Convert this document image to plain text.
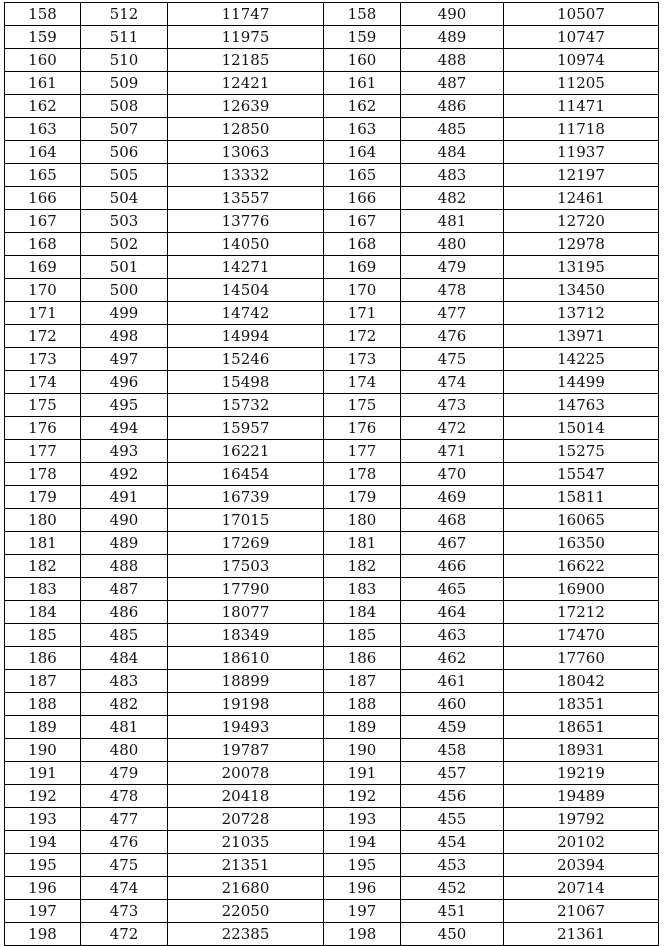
158	512	11747	158	490	10507
159	511	11975	159	489	10747
160	510	12185	160	488	10974
161	509	12421	161	487	11205
162	508	12639	162	486	11471
163	507	12850	163	485	11718
164	506	13063	164	484	11937
165	505	13332	165	483	12197
166	504	13557	166	482	12461
167	503	13776	167	481	12720
168	502	14050	168	480	12978
169	501	14271	169	479	13195
170	500	14504	170	478	13450
171	499	14742	171	477	13712
172	498	14994	172	476	13971
173	497	15246	173	475	14225
174	496	15498	174	474	14499
175	495	15732	175	473	14763
176	494	15957	176	472	15014
177	493	16221	177	471	15275
178	492	16454	178	470	15547
179	491	16739	179	469	15811
180	490	17015	180	468	16065
181	489	17269	181	467	16350
182	488	17503	182	466	16622
183	487	17790	183	465	16900
184	486	18077	184	464	17212
185	485	18349	185	463	17470
186	484	18610	186	462	17760
187	483	18899	187	461	18042
188	482	19198	188	460	18351
189	481	19493	189	459	18651
190	480	19787	190	458	18931
191	479	20078	191	457	19219
192	478	20418	192	456	19489
193	477	20728	193	455	19792
194	476	21035	194	454	20102
195	475	21351	195	453	20394
196	474	21680	196	452	20714
197	473	22050	197	451	21067
198	472	22385	198	450	21361
